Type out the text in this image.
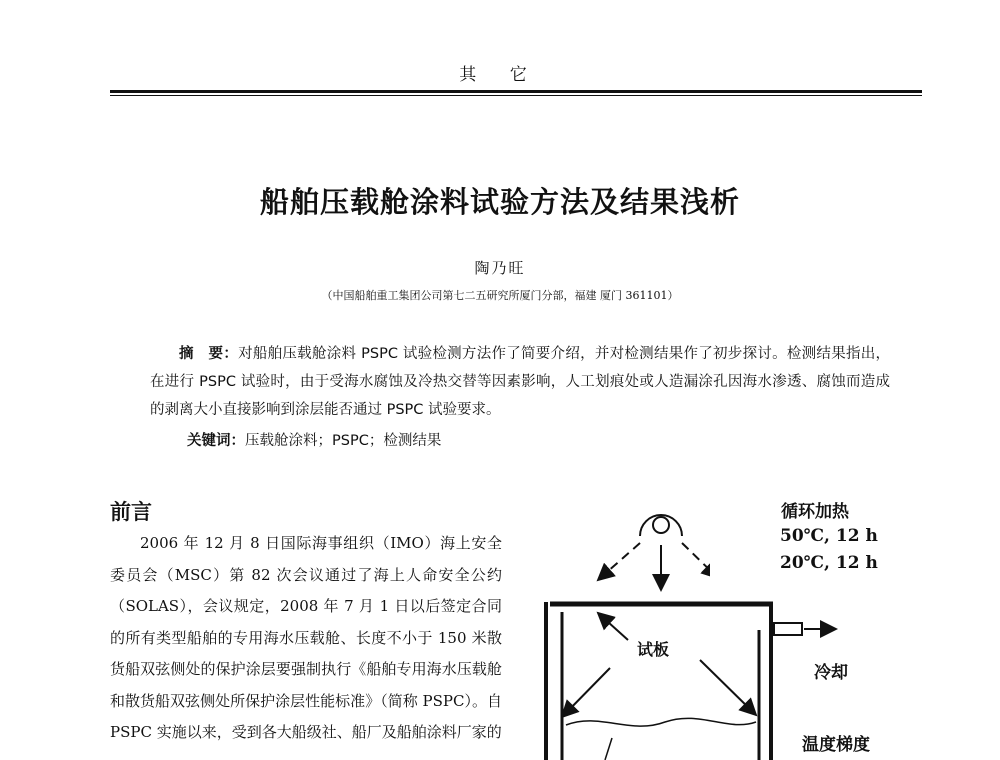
其 它
船舶压载舱涂料试验方法及结果浅析
陶乃旺
（中国船舶重工集团公司第七二五研究所厦门分部，福建 厦门 361101）

摘　要：对船舶压载舱涂料 PSPC 试验检测方法作了简要介绍，并对检测结果作了初步探讨。检测结果指出，在进行 PSPC 试验时，由于受海水腐蚀及冷热交替等因素影响，人工划痕处或人造漏涂孔因海水渗透、腐蚀而造成的剥离大小直接影响到涂层能否通过 PSPC 试验要求。

关键词：压载舱涂料；PSPC；检测结果
前言

2006 年 12 月 8 日国际海事组织（IMO）海上安全委员会（MSC）第 82 次会议通过了海上人命安全公约（SOLAS），会议规定，2008 年 7 月 1 日以后签定合同的所有类型船舶的专用海水压载舱、长度不小于 150 米散货船双弦侧处的保护涂层要强制执行《船舶专用海水压载舱和散货船双弦侧处所保护涂层性能标准》（简称 PSPC）。自 PSPC 实施以来，受到各大船级社、船厂及船舶涂料厂家的

循环加热
50℃, 12 h
20℃, 12 h
试板
冷却
温度梯度
